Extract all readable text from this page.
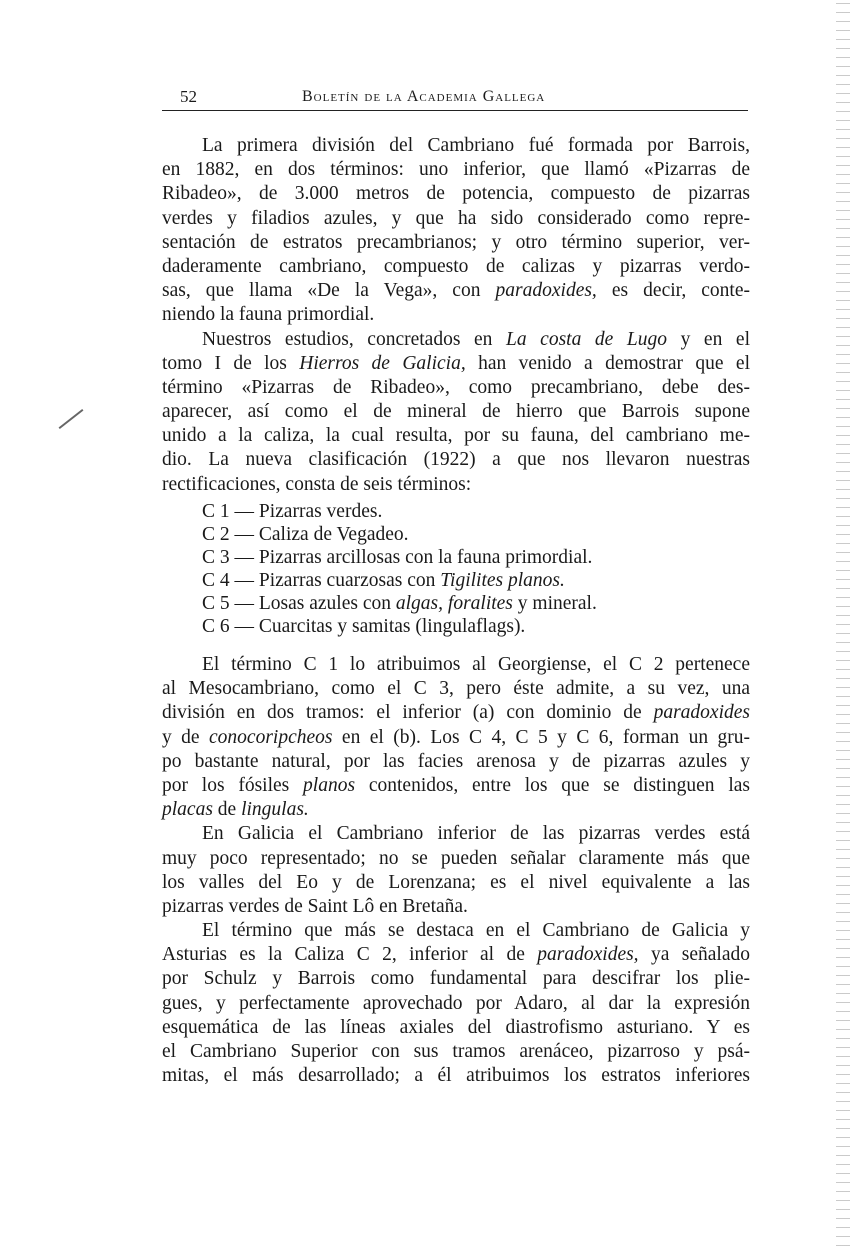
52	Boletín de la Academia Gallega
La primera división del Cambriano fué formada por Barrois,
en 1882, en dos términos: uno inferior, que llamó «Pizarras de
Ribadeo», de 3.000 metros de potencia, compuesto de pizarras
verdes y filadios azules, y que ha sido considerado como repre-
sentación de estratos precambrianos; y otro término superior, ver-
daderamente cambriano, compuesto de calizas y pizarras verdo-
sas, que llama «De la Vega», con paradoxides, es decir, conte-
niendo la fauna primordial.
Nuestros estudios, concretados en La costa de Lugo y en el
tomo I de los Hierros de Galicia, han venido a demostrar que el
término «Pizarras de Ribadeo», como precambriano, debe des-
aparecer, así como el de mineral de hierro que Barrois supone
unido a la caliza, la cual resulta, por su fauna, del cambriano me-
dio. La nueva clasificación (1922) a que nos llevaron nuestras
rectificaciones, consta de seis términos:
C 1 — Pizarras verdes.
C 2 — Caliza de Vegadeo.
C 3 — Pizarras arcillosas con la fauna primordial.
C 4 — Pizarras cuarzosas con Tigilites planos.
C 5 — Losas azules con algas, foralites y mineral.
C 6 — Cuarcitas y samitas (lingulaflags).
El término C 1 lo atribuimos al Georgiense, el C 2 pertenece
al Mesocambriano, como el C 3, pero éste admite, a su vez, una
división en dos tramos: el inferior (a) con dominio de paradoxides
y de conocoripcheos en el (b). Los C 4, C 5 y C 6, forman un gru-
po bastante natural, por las facies arenosa y de pizarras azules y
por los fósiles planos contenidos, entre los que se distinguen las
placas de lingulas.
En Galicia el Cambriano inferior de las pizarras verdes está
muy poco representado; no se pueden señalar claramente más que
los valles del Eo y de Lorenzana; es el nivel equivalente a las
pizarras verdes de Saint Lô en Bretaña.
El término que más se destaca en el Cambriano de Galicia y
Asturias es la Caliza C 2, inferior al de paradoxides, ya señalado
por Schulz y Barrois como fundamental para descifrar los plie-
gues, y perfectamente aprovechado por Adaro, al dar la expresión
esquemática de las líneas axiales del diastrofismo asturiano. Y es
el Cambriano Superior con sus tramos arenáceo, pizarroso y psá-
mitas, el más desarrollado; a él atribuimos los estratos inferiores
